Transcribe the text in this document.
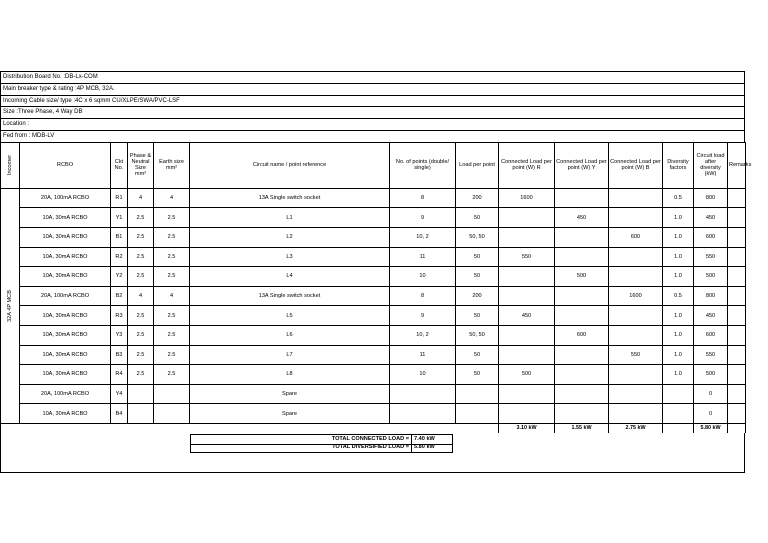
Distribution Board No. :DB-Lx-COM
Main breaker type & rating :4P MCB, 32A.
Incoming Cable size/ type :4C x 6 sqmm CU/XLPE/SWA/PVC-LSF
Size :Three Phase, 4 Way DB
Location :
Fed from : MDB-LV
Incomer	RCBO	Ckt No.	Phase & Neutral Size mm²	Earth size mm²	Circuit name / point reference	No. of points (double/ single)	Load per point	Connected Load per point (W) R	Connected Load per point (W) Y	Connected Load per point (W) B	Diversity factors	Circuit load after diversity (kW)	Remarks

32A 4P MCB	20A, 100mA RCBO	R1	4	4	13A Single switch socket	8	200	1600			0.5	800	
	10A, 30mA RCBO	Y1	2.5	2.5	L1	9	50		450		1.0	450	
	10A, 30mA RCBO	B1	2.5	2.5	L2	10, 2	50, 50			600	1.0	600	
	10A, 30mA RCBO	R2	2.5	2.5	L3	11	50	550			1.0	550	
	10A, 30mA RCBO	Y2	2.5	2.5	L4	10	50		500		1.0	500	
	20A, 100mA RCBO	B2	4	4	13A Single switch socket	8	200			1600	0.5	800	
	10A, 30mA RCBO	R3	2.5	2.5	L5	9	50	450			1.0	450	
	10A, 30mA RCBO	Y3	2.5	2.5	L6	10, 2	50, 50		600		1.0	600	
	10A, 30mA RCBO	B3	2.5	2.5	L7	11	50			550	1.0	550	
	10A, 30mA RCBO	R4	2.5	2.5	L8	10	50	500			1.0	500	
	20A, 100mA RCBO	Y4			Spare							0	
	10A, 30mA RCBO	B4			Spare							0	
								3.10 kW	1.55 kW	2.75 kW		5.80 kW	
TOTAL CONNECTED LOAD = 7.40 kW
TOTAL DIVERSIFIED LOAD = 5.80 kW
